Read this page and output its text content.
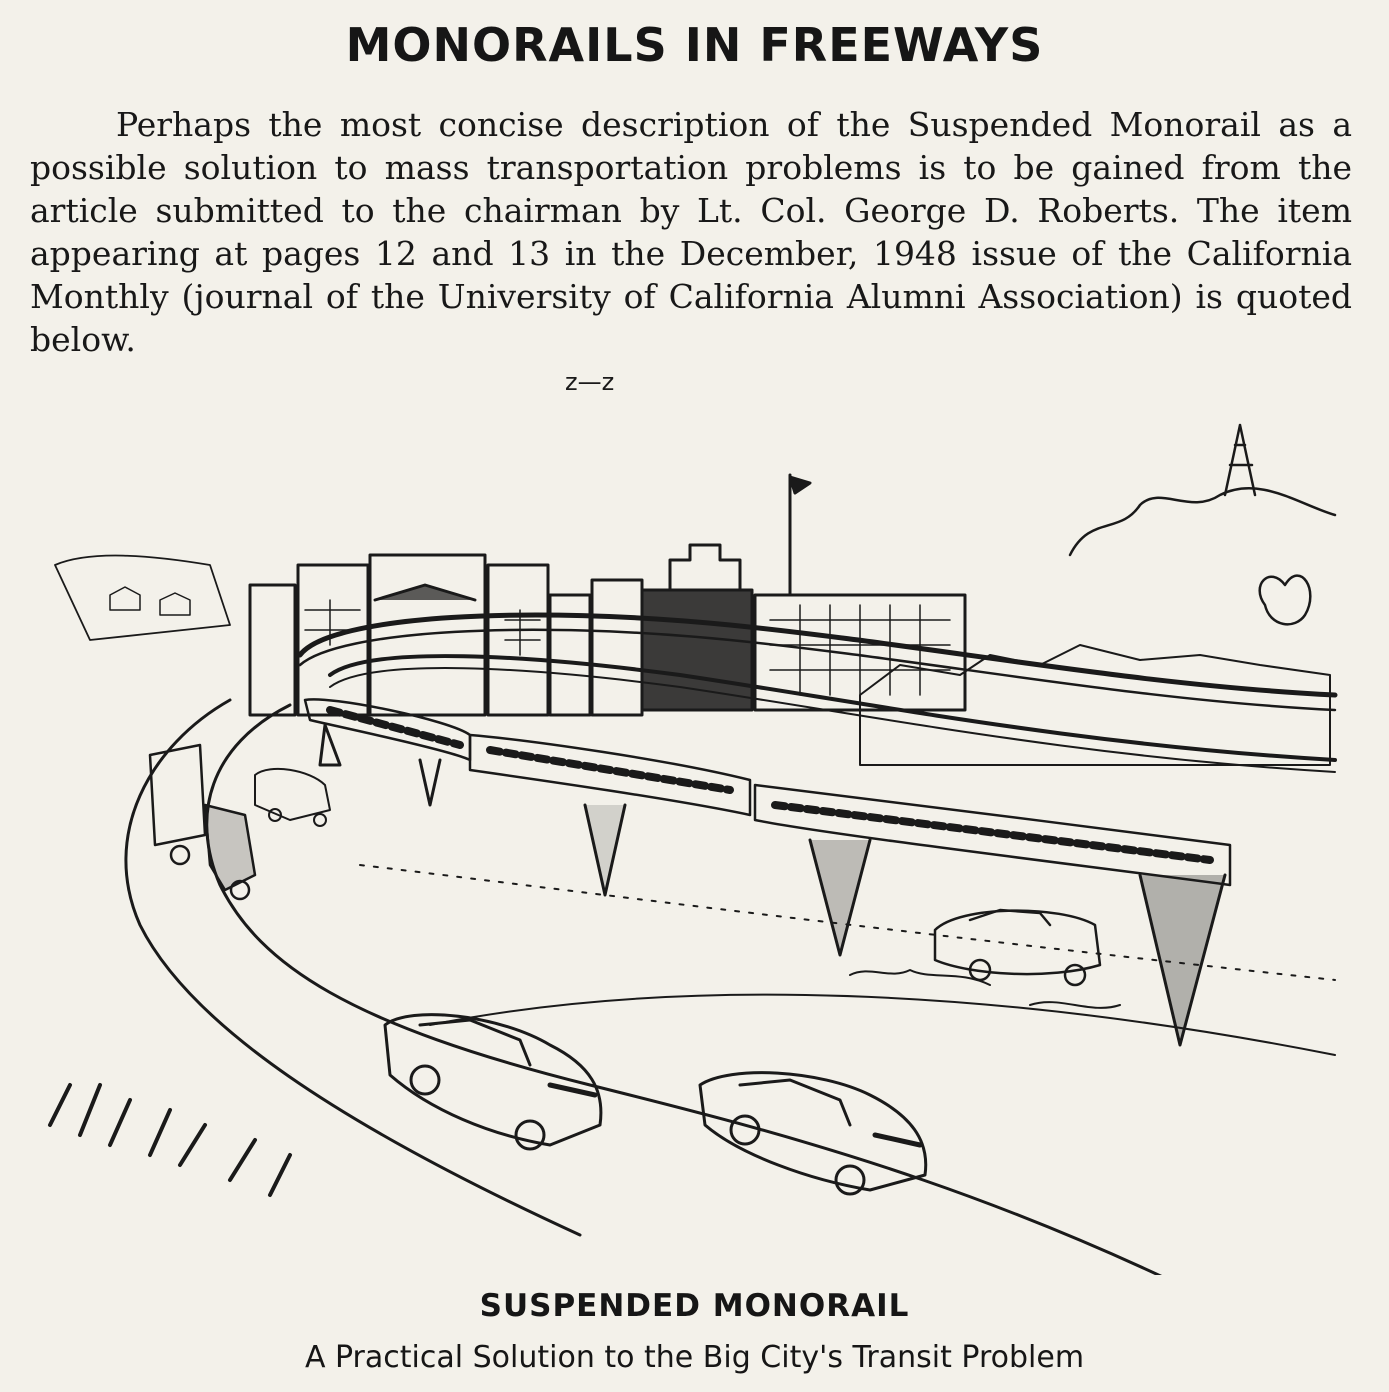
MONORAILS IN FREEWAYS

Perhaps the most concise description of the Suspended Monorail as a possible solution to mass transportation problems is to be gained from the article submitted to the chairman by Lt. Col. George D. Roberts. The item appearing at pages 12 and 13 in the December, 1948 issue of the California Monthly (journal of the University of California Alumni Association) is quoted below.

z—z
SUSPENDED MONORAIL

A Practical Solution to the Big City's Transit Problem
